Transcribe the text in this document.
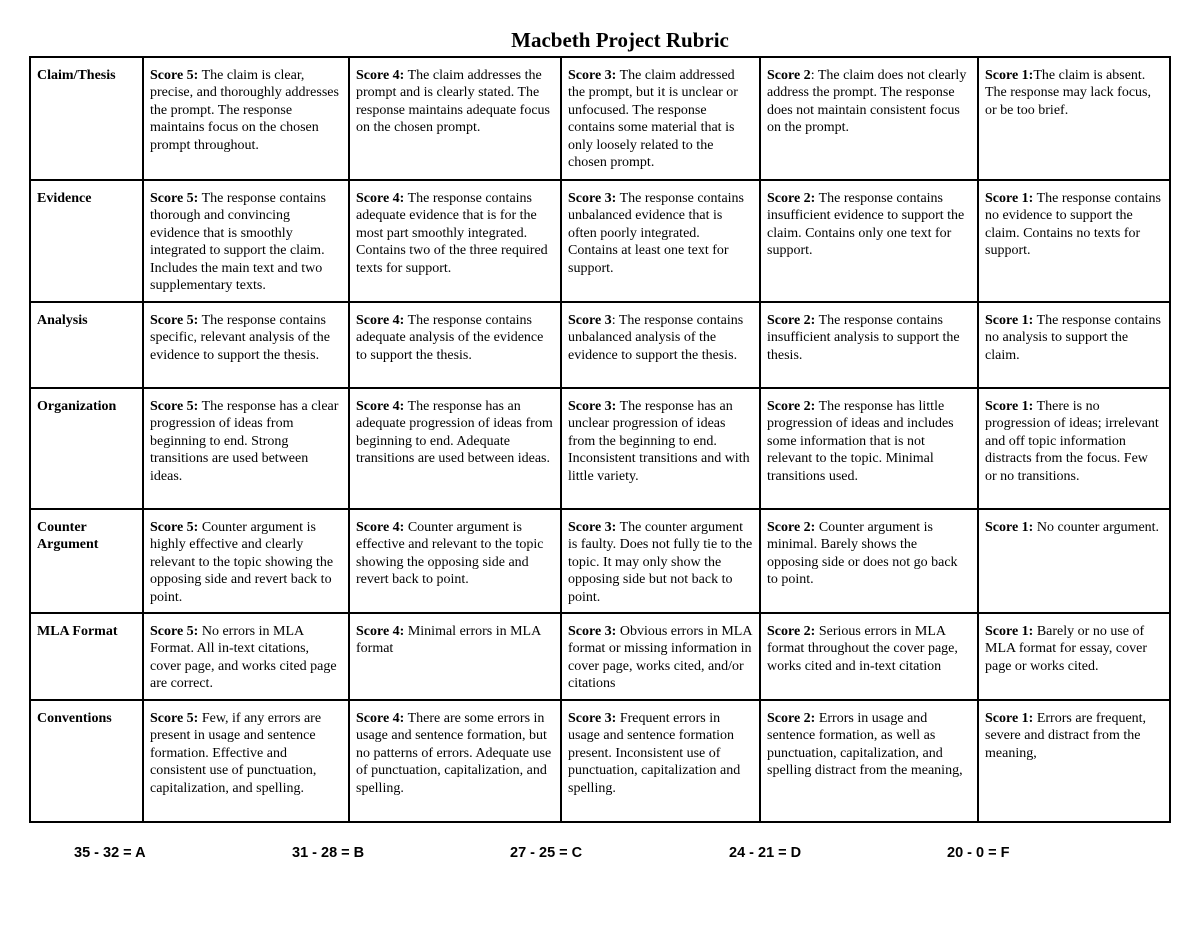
Macbeth Project Rubric
Claim/Thesis	Score 5: The claim is clear, precise, and thoroughly addresses the prompt. The response maintains focus on the chosen prompt throughout.	Score 4: The claim addresses the prompt and is clearly stated. The response maintains adequate focus on the chosen prompt.	Score 3: The claim addressed the prompt, but it is unclear or unfocused. The response contains some material that is only loosely related to the chosen prompt.	Score 2: The claim does not clearly address the prompt. The response does not maintain consistent focus on the prompt.	Score 1:The claim is absent. The response may lack focus, or be too brief.
Evidence	Score 5: The response contains thorough and convincing evidence that is smoothly integrated to support the claim. Includes the main text and two supplementary texts.	Score 4: The response contains adequate evidence that is for the most part smoothly integrated. Contains two of the three required texts for support.	Score 3: The response contains unbalanced evidence that is often poorly integrated. Contains at least one text for support.	Score 2: The response contains insufficient evidence to support the claim. Contains only one text for support.	Score 1: The response contains no evidence to support the claim. Contains no texts for support.
Analysis	Score 5: The response contains specific, relevant analysis of the evidence to support the thesis.	Score 4: The response contains adequate analysis of the evidence to support the thesis.	Score 3: The response contains unbalanced analysis of the evidence to support the thesis.	Score 2: The response contains insufficient analysis to support the thesis.	Score 1: The response contains no analysis to support the claim.
Organization	Score 5: The response has a clear progression of ideas from beginning to end. Strong transitions are used between ideas.	Score 4: The response has an adequate progression of ideas from beginning to end. Adequate transitions are used between ideas.	Score 3: The response has an unclear progression of ideas from the beginning to end. Inconsistent transitions and with little variety.	Score 2: The response has little progression of ideas and includes some information that is not relevant to the topic. Minimal transitions used.	Score 1: There is no progression of ideas; irrelevant and off topic information distracts from the focus. Few or no transitions.
Counter Argument	Score 5: Counter argument is highly effective and clearly relevant to the topic showing the opposing side and revert back to point.	Score 4: Counter argument is effective and relevant to the topic showing the opposing side and revert back to point.	Score 3: The counter argument is faulty. Does not fully tie to the topic. It may only show the opposing side but not back to point.	Score 2: Counter argument is minimal. Barely shows the opposing side or does not go back to point.	Score 1: No counter argument.
MLA Format	Score 5: No errors in MLA Format. All in-text citations, cover page, and works cited page are correct.	Score 4: Minimal errors in MLA format	Score 3: Obvious errors in MLA format or missing information in cover page, works cited, and/or citations	Score 2: Serious errors in MLA format throughout the cover page, works cited and in-text citation	Score 1: Barely or no use of MLA format for essay, cover page or works cited.
Conventions	Score 5: Few, if any errors are present in usage and sentence formation. Effective and consistent use of punctuation, capitalization, and spelling.	Score 4: There are some errors in usage and sentence formation, but no patterns of errors. Adequate use of punctuation, capitalization, and spelling.	Score 3: Frequent errors in usage and sentence formation present. Inconsistent use of punctuation, capitalization and spelling.	Score 2: Errors in usage and sentence formation, as well as punctuation, capitalization, and spelling distract from the meaning,	Score 1: Errors are frequent, severe and distract from the meaning,
35 - 32 = A	31 - 28 = B	27 - 25 = C	24 - 21 = D	20 - 0 = F
